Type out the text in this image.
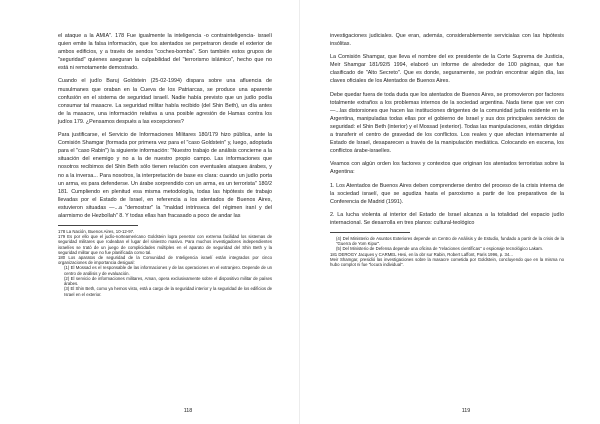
el ataque a la AMIA". 178 Fue igualmente la inteligencia -o contrainteligencia- israelí quien emite la falsa información, que los atentados se perpetraron desde el exterior de ambos edificios, y a través de sendos "coches-bomba". Son también estos grupos de "seguridad" quienes aseguran la culpabilidad del "terrorismo islámico", hecho que no está ni remotamente demostrado.

Cuando el judío Baruj Goldstein (25-02-1994) dispara sobre una afluencia de musulmanes que oraban en la Cueva de los Patriarcas, se produce una aparente confusión en el sistema de seguridad israelí. Nadie había previsto que un judío podía consumar tal masacre. La seguridad militar había recibido (del Shin Beth), un día antes de la masacre, una información relativa a una posible agresión de Hamas contra los judíos 179. ¿Pensamos después a las excepciones?

Para justificarse, el Servicio de Informaciones Militares 180/179 hizo pública, ante la Comisión Shamgar (formada por primera vez para el "caso Goldstein" y, luego, adoptada para el "caso Rabin") la siguiente información: "Nuestro trabajo de análisis concierne a la situación del enemigo y no a la de nuestro propio campo. Las informaciones que nosotros recibimos del Shin Beth sólo tienen relación con eventuales ataques árabes, y no a la inversa... Para nosotros, la interpretación de base es clara: cuando un judío porta un arma, es para defenderse. Un árabe sorprendido con un arma, es un terrorista" 180/2 181. Cumpliendo en plenitud esa misma metodología, todas las hipótesis de trabajo llevadas por el Estado de Israel, en referencia a los atentados de Buenos Aires, estuvieron situadas —...a "demostrar" la "maldad intrínseca del régimen iraní y del alarmismo de Hezbollah" 8. Y todas ellas han fracasado a poco de andar las

178 La Nación, Buenos Aires, 10-12-97.

179 Es por ello que el judío-norteamericano Goldstein logra penetrar con extrema facilidad los sistemas de seguridad militares que rodeaban el lugar del siniestro masivo. Para muchos investigadores independientes israelíes se trató de un juego de complicidades múltiples en el aparato de seguridad del Shin Beth y la seguridad militar que no fue planificada como tal.

180 Los aparatos de seguridad de la Comunidad de Inteligencia israelí están integrados por cinco organizaciones de importancia desigual:

(1) El Mossad es el responsable de las informaciones y de las operaciones en el extranjero. Depende de un centro de análisis y de evaluación.

(2) El servicio de informaciones militares, Aman, opera exclusivamente sobre el dispositivo militar de países árabes.

(3) El Shin Beth, como ya hemos visto, está a cargo de la seguridad interior y la seguridad de los edificios de Israel en el exterior.

118

investigaciones judiciales. Que eran, además, considerablemente servicialas con las hipótesis insólitas.

La Comisión Shamgar, que lleva el nombre del ex presidente de la Corte Suprema de Justicia, Meir Shamgar 181/92/5 1994, elaboró un informe de alrededor de 100 páginas, que fue clasificado de "Alto Secreto". Que es donde, seguramente, se podrán encontrar algún día, las claves oficiales de los Atentados de Buenos Aires.

Debe quedar fuera de toda duda que los atentados de Buenos Aires, se promovieron por factores totalmente extraños a los problemas internos de la sociedad argentina. Nada tiene que ver con —...las distorsiones que hacen las instituciones dirigentes de la comunidad judía residente en la Argentina, manipuladas todas ellas por el gobierno de Israel y sus dos principales servicios de seguridad: el Shin Beth (interior) y el Mossad (exterior). Todas las manipulaciones, están dirigidas a transferir el centro de gravedad de los conflictos. Los reales y que afectan internamente al Estado de Israel, desaparecen a través de la manipulación mediática. Colocando en escena, los conflictos árabe-israelíes.

Veamos con algún orden los factores y contextos que originan los atentados terroristas sobre la Argentina:

1. Los Atentados de Buenos Aires deben comprenderse dentro del proceso de la crisis interna de la sociedad israelí, que se agudiza hasta el paroxismo a partir de los preparativos de la Conferencia de Madrid (1991).

2. La lucha violenta al interior del Estado de Israel alcanza a la totalidad del espacio judío internacional. Se desarrolla en tres planos: cultural-teológico

(4) Del Ministerio de Asuntos Exteriores depende un Centro de Análisis y de Estudio, fundado a partir de la crisis de la "Guerra de Yom Kipur".

(5) Del Ministerio de Defensa depende una oficina de "relaciones científicas" o espionaje tecnológico Lakam.

181 DEROGY Jacques y CARMEL Hesi, en la obr sur Rabin, Robert Laffont, Paris 1996, p. 34...

Meir Shamgar, presidió las investigaciones sobre la masacre cometida por Goldstein, concluyendo que en la misma no hubo complot ni fue "locura individual".

119
